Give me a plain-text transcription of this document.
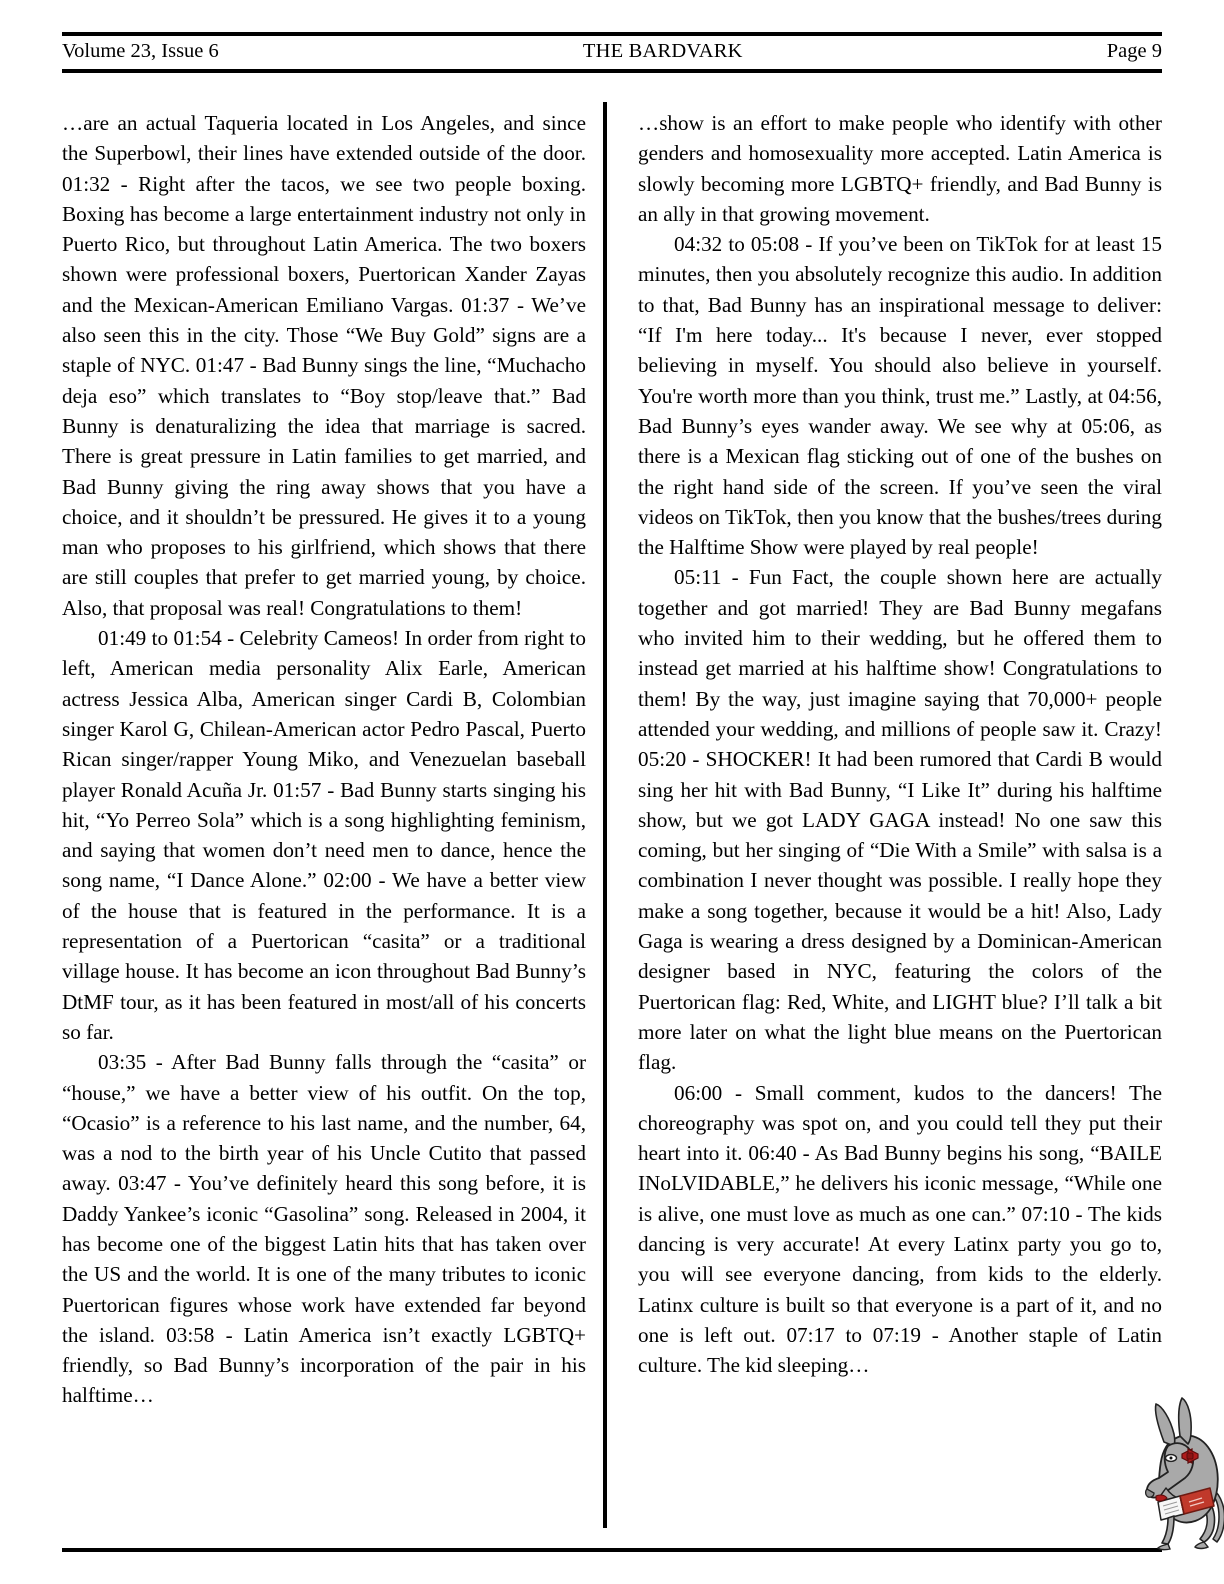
Volume 23, Issue 6	THE BARDVARK	Page 9

…are an actual Taqueria located in Los Angeles, and since the Superbowl, their lines have extended outside of the door. 01:32 - Right after the tacos, we see two people boxing. Boxing has become a large entertainment industry not only in Puerto Rico, but throughout Latin America. The two boxers shown were professional boxers, Puertorican Xander Zayas and the Mexican-American Emiliano Vargas. 01:37 - We’ve also seen this in the city. Those “We Buy Gold” signs are a staple of NYC. 01:47 - Bad Bunny sings the line, “Muchacho deja eso” which translates to “Boy stop/leave that.” Bad Bunny is denaturalizing the idea that marriage is sacred. There is great pressure in Latin families to get married, and Bad Bunny giving the ring away shows that you have a choice, and it shouldn’t be pressured. He gives it to a young man who proposes to his girlfriend, which shows that there are still couples that prefer to get married young, by choice. Also, that proposal was real! Congratulations to them!

01:49 to 01:54 - Celebrity Cameos! In order from right to left, American media personality Alix Earle, American actress Jessica Alba, American singer Cardi B, Colombian singer Karol G, Chilean-American actor Pedro Pascal, Puerto Rican singer/rapper Young Miko, and Venezuelan baseball player Ronald Acuña Jr. 01:57 - Bad Bunny starts singing his hit, “Yo Perreo Sola” which is a song highlighting feminism, and saying that women don’t need men to dance, hence the song name, “I Dance Alone.” 02:00 - We have a better view of the house that is featured in the performance. It is a representation of a Puertorican “casita” or a traditional village house. It has become an icon throughout Bad Bunny’s DtMF tour, as it has been featured in most/all of his concerts so far.

03:35 - After Bad Bunny falls through the “casita” or “house,” we have a better view of his outfit. On the top, “Ocasio” is a reference to his last name, and the number, 64, was a nod to the birth year of his Uncle Cutito that passed away. 03:47 - You’ve definitely heard this song before, it is Daddy Yankee’s iconic “Gasolina” song. Released in 2004, it has become one of the biggest Latin hits that has taken over the US and the world. It is one of the many tributes to iconic Puertorican figures whose work have extended far beyond the island. 03:58 - Latin America isn’t exactly LGBTQ+ friendly, so Bad Bunny’s incorporation of the pair in his halftime…

…show is an effort to make people who identify with other genders and homosexuality more accepted. Latin America is slowly becoming more LGBTQ+ friendly, and Bad Bunny is an ally in that growing movement.

04:32 to 05:08 - If you’ve been on TikTok for at least 15 minutes, then you absolutely recognize this audio. In addition to that, Bad Bunny has an inspirational message to deliver: “If I'm here today... It's because I never, ever stopped believing in myself. You should also believe in yourself. You're worth more than you think, trust me.” Lastly, at 04:56, Bad Bunny’s eyes wander away. We see why at 05:06, as there is a Mexican flag sticking out of one of the bushes on the right hand side of the screen. If you’ve seen the viral videos on TikTok, then you know that the bushes/trees during the Halftime Show were played by real people!

05:11 - Fun Fact, the couple shown here are actually together and got married! They are Bad Bunny megafans who invited him to their wedding, but he offered them to instead get married at his halftime show! Congratulations to them! By the way, just imagine saying that 70,000+ people attended your wedding, and millions of people saw it. Crazy! 05:20 - SHOCKER! It had been rumored that Cardi B would sing her hit with Bad Bunny, “I Like It” during his halftime show, but we got LADY GAGA instead! No one saw this coming, but her singing of “Die With a Smile” with salsa is a combination I never thought was possible. I really hope they make a song together, because it would be a hit! Also, Lady Gaga is wearing a dress designed by a Dominican-American designer based in NYC, featuring the colors of the Puertorican flag: Red, White, and LIGHT blue? I’ll talk a bit more later on what the light blue means on the Puertorican flag.

06:00 - Small comment, kudos to the dancers! The choreography was spot on, and you could tell they put their heart into it. 06:40 - As Bad Bunny begins his song, “BAILE INoLVIDABLE,” he delivers his iconic message, “While one is alive, one must love as much as one can.” 07:10 - The kids dancing is very accurate! At every Latinx party you go to, you will see everyone dancing, from kids to the elderly. Latinx culture is built so that everyone is a part of it, and no one is left out. 07:17 to 07:19 - Another staple of Latin culture. The kid sleeping…
